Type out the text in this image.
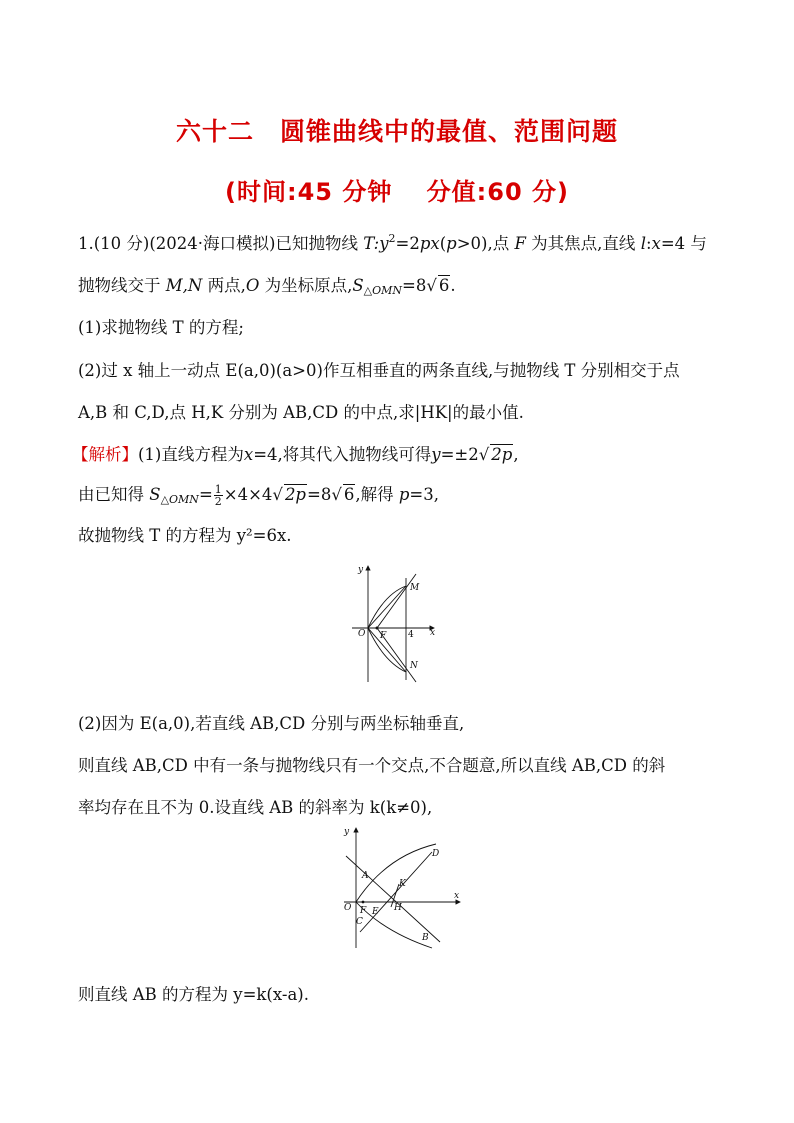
六十二　圆锥曲线中的最值、范围问题
(时间:45 分钟　 分值:60 分)
1.(10 分)(2024·海口模拟)已知抛物线 $T:y^2=2px(p>0)$,点 F 为其焦点,直线 l:x=4 与
抛物线交于 M,N 两点,O 为坐标原点$,S_{\triangle OMN}=8√$ 6.
(1)求抛物线 T 的方程;
(2)过 x 轴上一动点 E(a,0)(a>0)作互相垂直的两条直线,与抛物线 T 分别相交于点
A,B 和 C,D,点 H,K 分别为 AB,CD 的中点,求|HK|的最小值.
【解析】(1)直线方程为x=4,将其代入抛物线可得y=±2√ 2p,
由已知得 $S_{\triangle OMN}= \frac{1}{2} \times 4\times 4√$ 2p=8√ 6,解得 p=3,
故抛物线 T 的方程为 y²=6x.
y
x
O F
M
N
4
(2)因为 E(a,0),若直线 AB,CD 分别与两坐标轴垂直,
则直线 AB,CD 中有一条与抛物线只有一个交点,不合题意,所以直线 AB,CD 的斜
率均存在且不为 0.设直线 AB 的斜率为 k(k≠0),
y
x
O F E
A
B
C
D
H
K
则直线 AB 的方程为 y=k(x-a).
